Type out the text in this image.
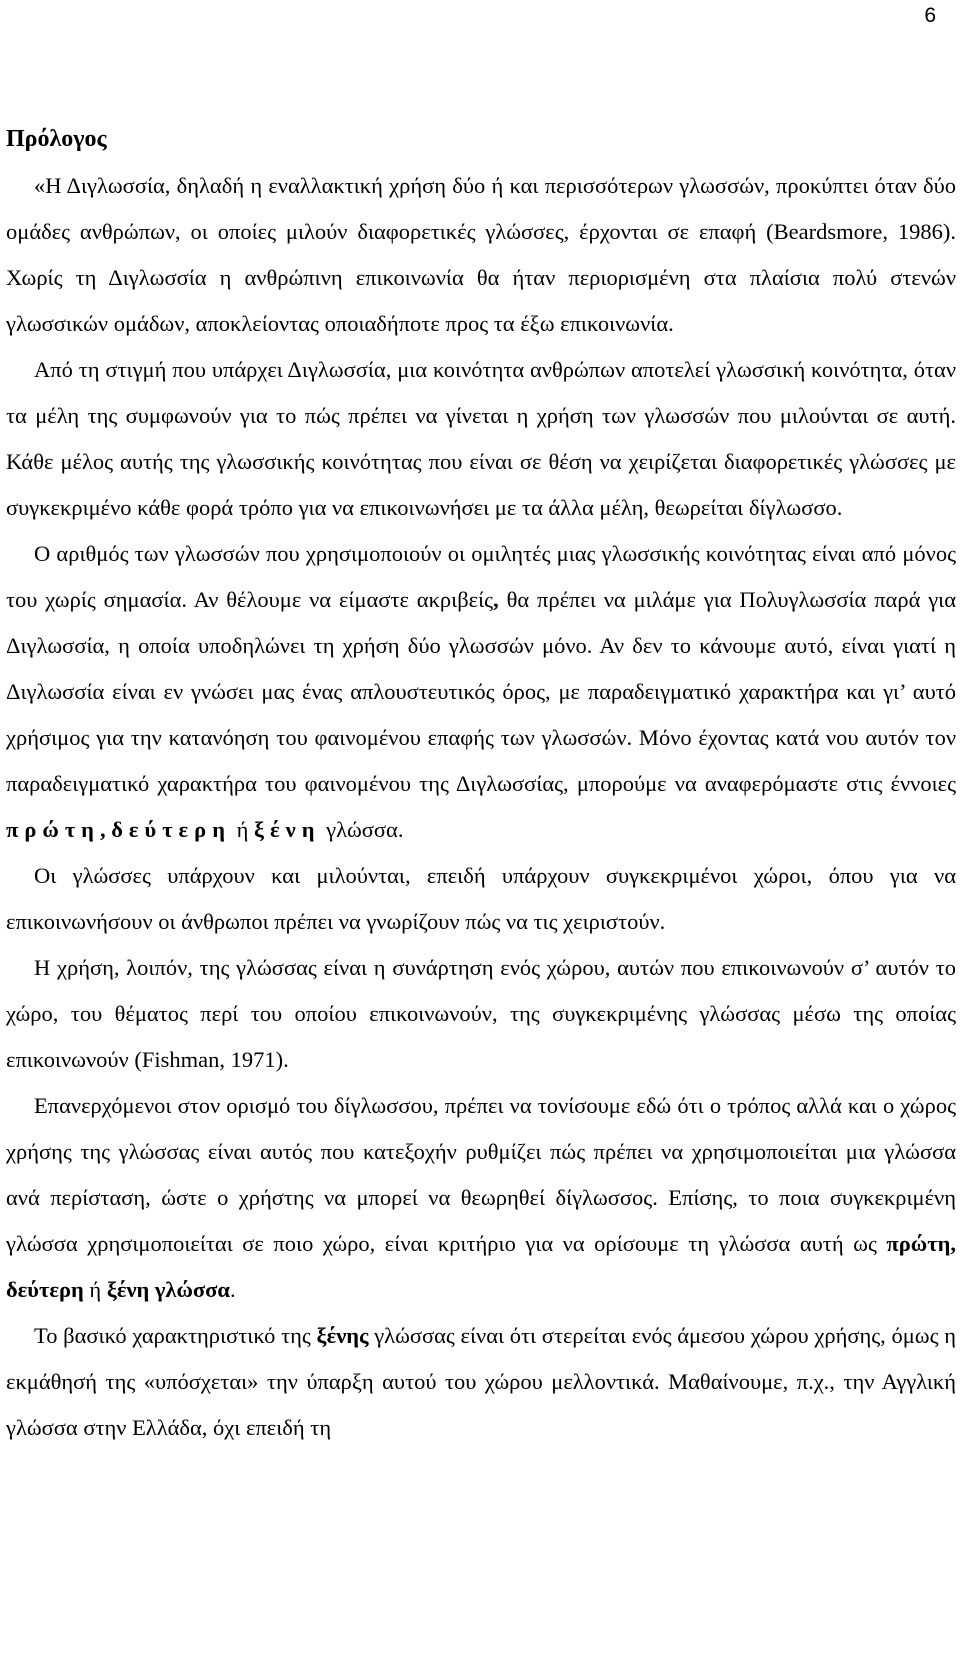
6

Πρόλογος

«Η Διγλωσσία, δηλαδή η εναλλακτική χρήση δύο ή και περισσότερων γλωσσών, προκύπτει όταν δύο ομάδες ανθρώπων, οι οποίες μιλούν διαφορετικές γλώσσες, έρχονται σε επαφή (Beardsmore, 1986). Χωρίς τη Διγλωσσία η ανθρώπινη επικοινωνία θα ήταν περιορισμένη στα πλαίσια πολύ στενών γλωσσικών ομάδων, αποκλείοντας οποιαδήποτε προς τα έξω επικοινωνία.

Από τη στιγμή που υπάρχει Διγλωσσία, μια κοινότητα ανθρώπων αποτελεί γλωσσική κοινότητα, όταν τα μέλη της συμφωνούν για το πώς πρέπει να γίνεται η χρήση των γλωσσών που μιλούνται σε αυτή. Κάθε μέλος αυτής της γλωσσικής κοινότητας που είναι σε θέση να χειρίζεται διαφορετικές γλώσσες με συγκεκριμένο κάθε φορά τρόπο για να επικοινωνήσει με τα άλλα μέλη, θεωρείται δίγλωσσο.

Ο αριθμός των γλωσσών που χρησιμοποιούν οι ομιλητές μιας γλωσσικής κοινότητας είναι από μόνος του χωρίς σημασία. Αν θέλουμε να είμαστε ακριβείς, θα πρέπει να μιλάμε για Πολυγλωσσία παρά για Διγλωσσία, η οποία υποδηλώνει τη χρήση δύο γλωσσών μόνο. Αν δεν το κάνουμε αυτό, είναι γιατί η Διγλωσσία είναι εν γνώσει μας ένας απλουστευτικός όρος, με παραδειγματικό χαρακτήρα και γι’ αυτό χρήσιμος για την κατανόηση του φαινομένου επαφής των γλωσσών. Μόνο έχοντας κατά νου αυτόν τον παραδειγματικό χαρακτήρα του φαινομένου της Διγλωσσίας, μπορούμε να αναφερόμαστε στις έννοιες πρώτη, δεύτερη ή ξένη γλώσσα.

Οι γλώσσες υπάρχουν και μιλούνται, επειδή υπάρχουν συγκεκριμένοι χώροι, όπου για να επικοινωνήσουν οι άνθρωποι πρέπει να γνωρίζουν πώς να τις χειριστούν.

Η χρήση, λοιπόν, της γλώσσας είναι η συνάρτηση ενός χώρου, αυτών που επικοινωνούν σ’ αυτόν το χώρο, του θέματος περί του οποίου επικοινωνούν, της συγκεκριμένης γλώσσας μέσω της οποίας επικοινωνούν (Fishman, 1971).

Επανερχόμενοι στον ορισμό του δίγλωσσου, πρέπει να τονίσουμε εδώ ότι ο τρόπος αλλά και ο χώρος χρήσης της γλώσσας είναι αυτός που κατεξοχήν ρυθμίζει πώς πρέπει να χρησιμοποιείται μια γλώσσα ανά περίσταση, ώστε ο χρήστης να μπορεί να θεωρηθεί δίγλωσσος. Επίσης, το ποια συγκεκριμένη γλώσσα χρησιμοποιείται σε ποιο χώρο, είναι κριτήριο για να ορίσουμε τη γλώσσα αυτή ως πρώτη, δεύτερη ή ξένη γλώσσα.

Το βασικό χαρακτηριστικό της ξένης γλώσσας είναι ότι στερείται ενός άμεσου χώρου χρήσης, όμως η εκμάθησή της «υπόσχεται» την ύπαρξη αυτού του χώρου μελλοντικά. Μαθαίνουμε, π.χ., την Αγγλική γλώσσα στην Ελλάδα, όχι επειδή τη
